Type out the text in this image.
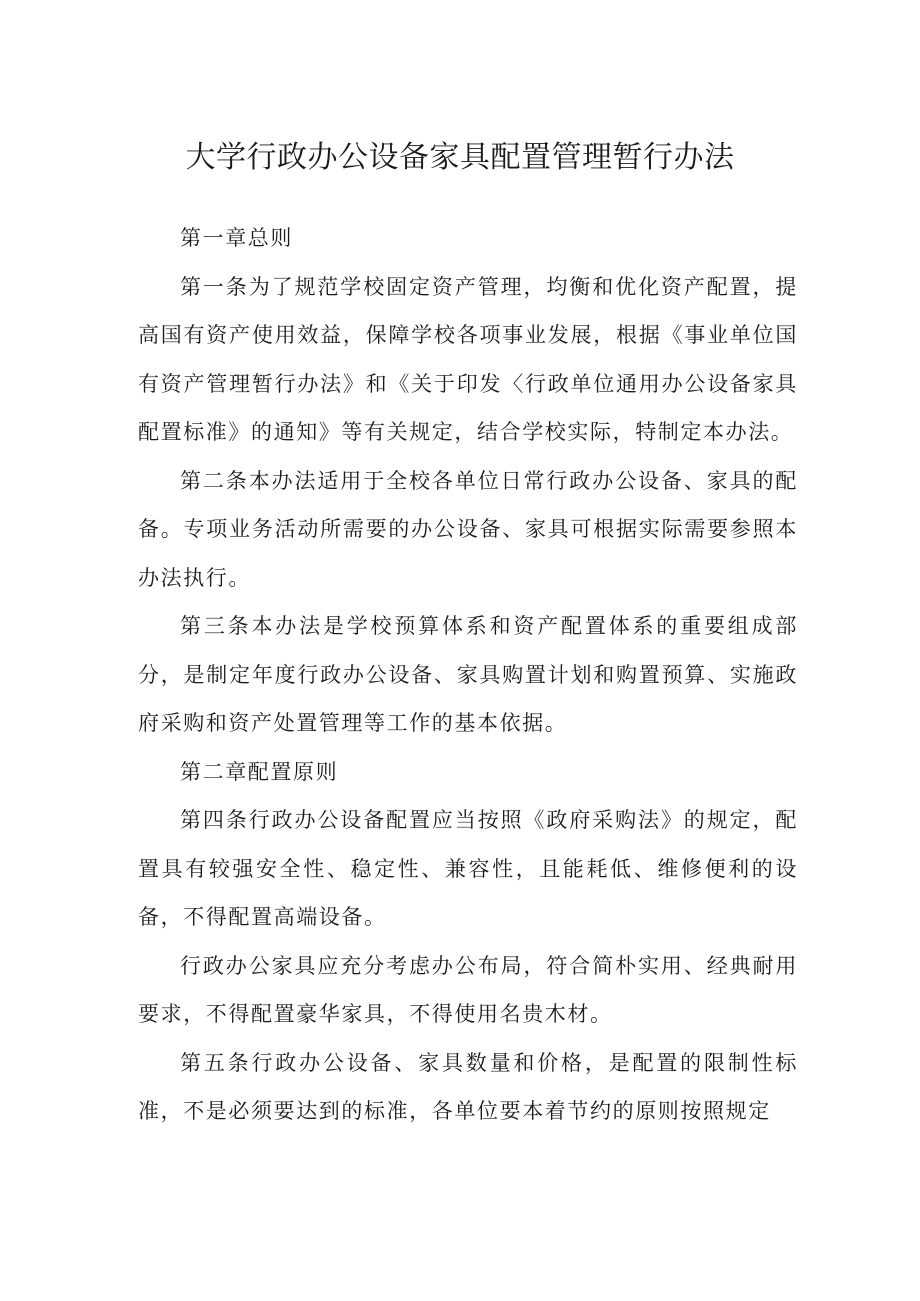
大学行政办公设备家具配置管理暂行办法

第一章总则

第一条为了规范学校固定资产管理，均衡和优化资产配置，提高国有资产使用效益，保障学校各项事业发展，根据《事业单位国有资产管理暂行办法》和《关于印发〈行政单位通用办公设备家具配置标准》的通知》等有关规定，结合学校实际，特制定本办法。

第二条本办法适用于全校各单位日常行政办公设备、家具的配备。专项业务活动所需要的办公设备、家具可根据实际需要参照本办法执行。

第三条本办法是学校预算体系和资产配置体系的重要组成部分，是制定年度行政办公设备、家具购置计划和购置预算、实施政府采购和资产处置管理等工作的基本依据。

第二章配置原则

第四条行政办公设备配置应当按照《政府采购法》的规定，配置具有较强安全性、稳定性、兼容性，且能耗低、维修便利的设备，不得配置高端设备。

行政办公家具应充分考虑办公布局，符合简朴实用、经典耐用要求，不得配置豪华家具，不得使用名贵木材。

第五条行政办公设备、家具数量和价格，是配置的限制性标准，不是必须要达到的标准，各单位要本着节约的原则按照规定
